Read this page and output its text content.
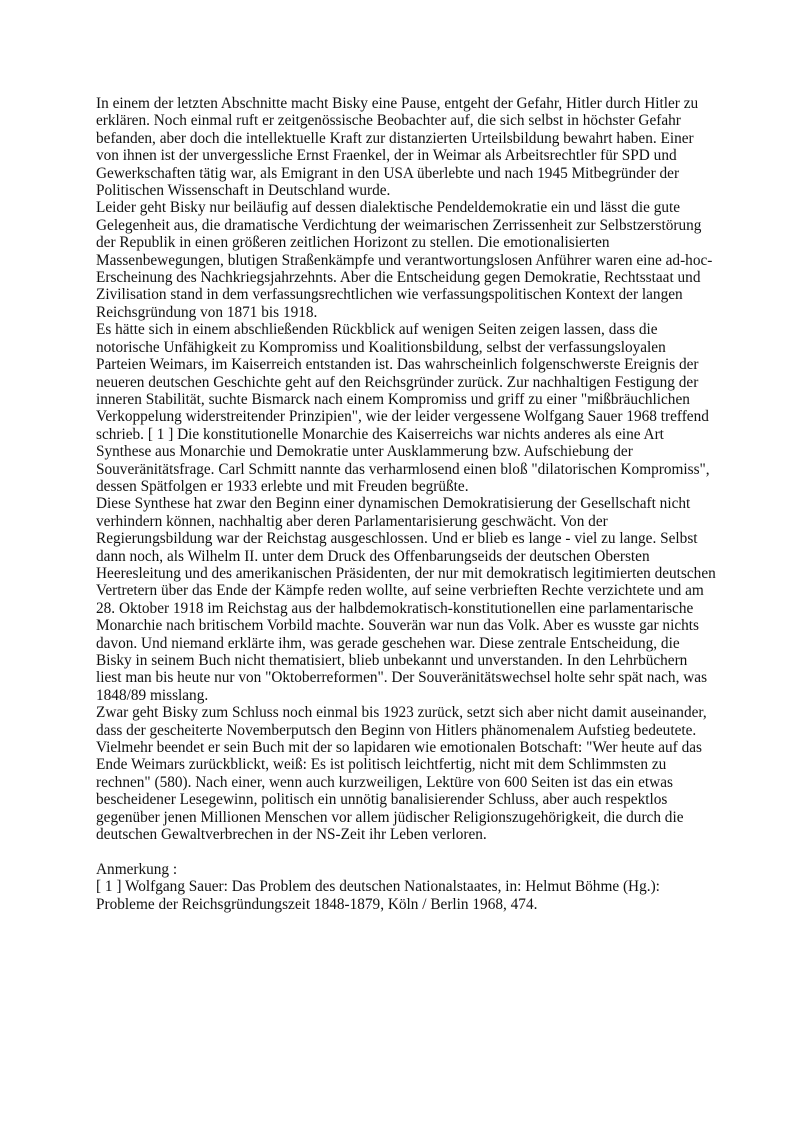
In einem der letzten Abschnitte macht Bisky eine Pause, entgeht der Gefahr, Hitler durch Hitler zu erklären. Noch einmal ruft er zeitgenössische Beobachter auf, die sich selbst in höchster Gefahr befanden, aber doch die intellektuelle Kraft zur distanzierten Urteilsbildung bewahrt haben. Einer von ihnen ist der unvergessliche Ernst Fraenkel, der in Weimar als Arbeitsrechtler für SPD und Gewerkschaften tätig war, als Emigrant in den USA überlebte und nach 1945 Mitbegründer der Politischen Wissenschaft in Deutschland wurde.

Leider geht Bisky nur beiläufig auf dessen dialektische Pendeldemokratie ein und lässt die gute Gelegenheit aus, die dramatische Verdichtung der weimarischen Zerrissenheit zur Selbstzerstörung der Republik in einen größeren zeitlichen Horizont zu stellen. Die emotionalisierten Massenbewegungen, blutigen Straßenkämpfe und verantwortungslosen Anführer waren eine ad-hoc-Erscheinung des Nachkriegsjahrzehnts. Aber die Entscheidung gegen Demokratie, Rechtsstaat und Zivilisation stand in dem verfassungsrechtlichen wie verfassungspolitischen Kontext der langen Reichsgründung von 1871 bis 1918.

Es hätte sich in einem abschließenden Rückblick auf wenigen Seiten zeigen lassen, dass die notorische Unfähigkeit zu Kompromiss und Koalitionsbildung, selbst der verfassungsloyalen Parteien Weimars, im Kaiserreich entstanden ist. Das wahrscheinlich folgenschwerste Ereignis der neueren deutschen Geschichte geht auf den Reichsgründer zurück. Zur nachhaltigen Festigung der inneren Stabilität, suchte Bismarck nach einem Kompromiss und griff zu einer "mißbräuchlichen Verkoppelung widerstreitender Prinzipien", wie der leider vergessene Wolfgang Sauer 1968 treffend schrieb. [ 1 ] Die konstitutionelle Monarchie des Kaiserreichs war nichts anderes als eine Art Synthese aus Monarchie und Demokratie unter Ausklammerung bzw. Aufschiebung der Souveränitätsfrage. Carl Schmitt nannte das verharmlosend einen bloß "dilatorischen Kompromiss", dessen Spätfolgen er 1933 erlebte und mit Freuden begrüßte.

Diese Synthese hat zwar den Beginn einer dynamischen Demokratisierung der Gesellschaft nicht verhindern können, nachhaltig aber deren Parlamentarisierung geschwächt. Von der Regierungsbildung war der Reichstag ausgeschlossen. Und er blieb es lange - viel zu lange. Selbst dann noch, als Wilhelm II. unter dem Druck des Offenbarungseids der deutschen Obersten Heeresleitung und des amerikanischen Präsidenten, der nur mit demokratisch legitimierten deutschen Vertretern über das Ende der Kämpfe reden wollte, auf seine verbrieften Rechte verzichtete und am 28. Oktober 1918 im Reichstag aus der halbdemokratisch-konstitutionellen eine parlamentarische Monarchie nach britischem Vorbild machte. Souverän war nun das Volk. Aber es wusste gar nichts davon. Und niemand erklärte ihm, was gerade geschehen war. Diese zentrale Entscheidung, die Bisky in seinem Buch nicht thematisiert, blieb unbekannt und unverstanden. In den Lehrbüchern liest man bis heute nur von "Oktoberreformen". Der Souveränitätswechsel holte sehr spät nach, was 1848/89 misslang.

Zwar geht Bisky zum Schluss noch einmal bis 1923 zurück, setzt sich aber nicht damit auseinander, dass der gescheiterte Novemberputsch den Beginn von Hitlers phänomenalem Aufstieg bedeutete. Vielmehr beendet er sein Buch mit der so lapidaren wie emotionalen Botschaft: "Wer heute auf das Ende Weimars zurückblickt, weiß: Es ist politisch leichtfertig, nicht mit dem Schlimmsten zu rechnen" (580). Nach einer, wenn auch kurzweiligen, Lektüre von 600 Seiten ist das ein etwas bescheidener Lesegewinn, politisch ein unnötig banalisierender Schluss, aber auch respektlos gegenüber jenen Millionen Menschen vor allem jüdischer Religionszugehörigkeit, die durch die deutschen Gewaltverbrechen in der NS-Zeit ihr Leben verloren.

Anmerkung :

[ 1 ] Wolfgang Sauer: Das Problem des deutschen Nationalstaates, in: Helmut Böhme (Hg.): Probleme der Reichsgründungszeit 1848-1879, Köln / Berlin 1968, 474.
